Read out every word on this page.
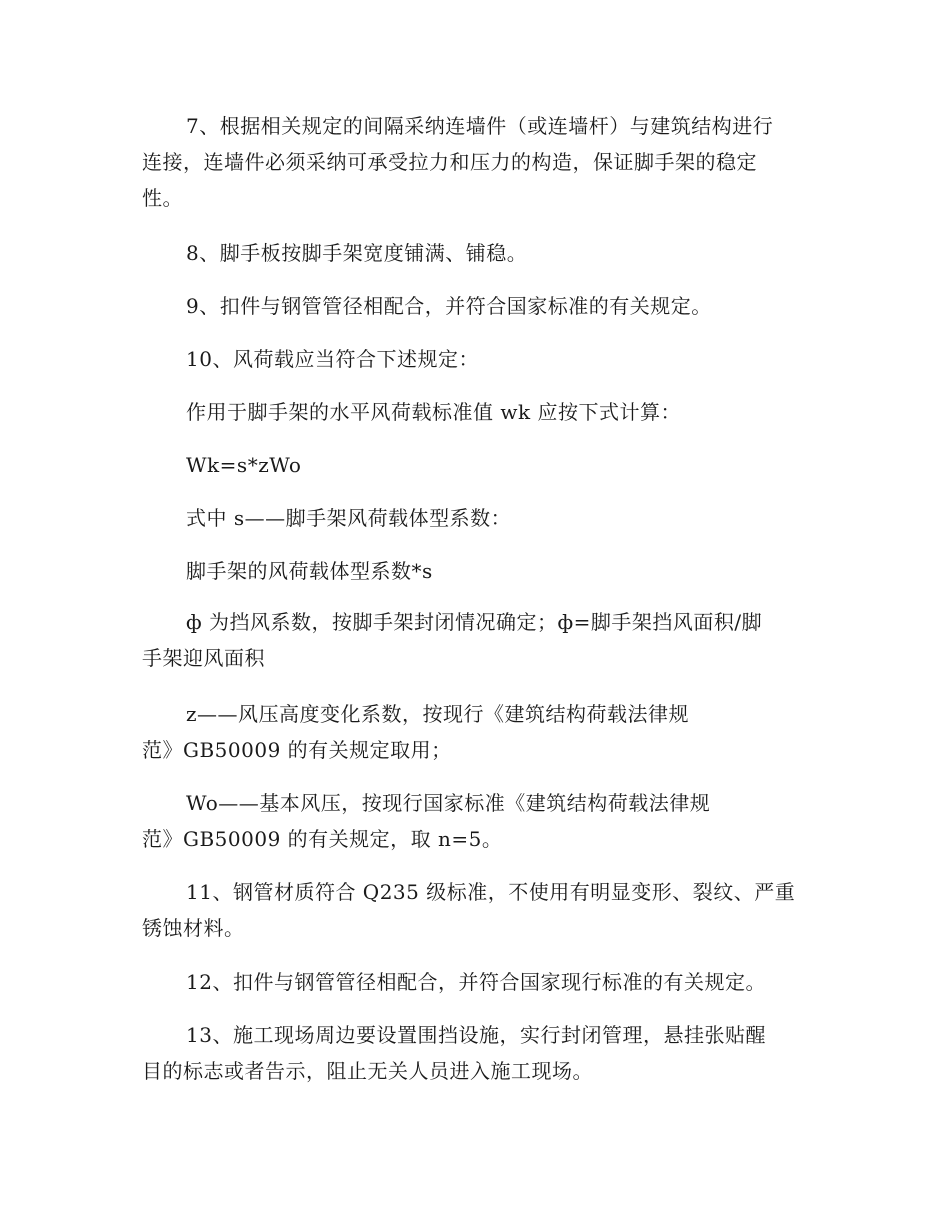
7、根据相关规定的间隔采纳连墙件（或连墙杆）与建筑结构进行
连接，连墙件必须采纳可承受拉力和压力的构造，保证脚手架的稳定
性。
8、脚手板按脚手架宽度铺满、铺稳。
9、扣件与钢管管径相配合，并符合国家标准的有关规定。
10、风荷载应当符合下述规定：
作用于脚手架的水平风荷载标准值 wk 应按下式计算：
Wk=s*zWo
式中 s——脚手架风荷载体型系数：
脚手架的风荷载体型系数*s
ф 为挡风系数，按脚手架封闭情况确定；ф=脚手架挡风面积/脚
手架迎风面积
z——风压高度变化系数，按现行《建筑结构荷载法律规
范》GB50009 的有关规定取用；
Wo——基本风压，按现行国家标准《建筑结构荷载法律规
范》GB50009 的有关规定，取 n=5。
11、钢管材质符合 Q235 级标准，不使用有明显变形、裂纹、严重
锈蚀材料。
12、扣件与钢管管径相配合，并符合国家现行标准的有关规定。
13、施工现场周边要设置围挡设施，实行封闭管理，悬挂张贴醒
目的标志或者告示，阻止无关人员进入施工现场。
